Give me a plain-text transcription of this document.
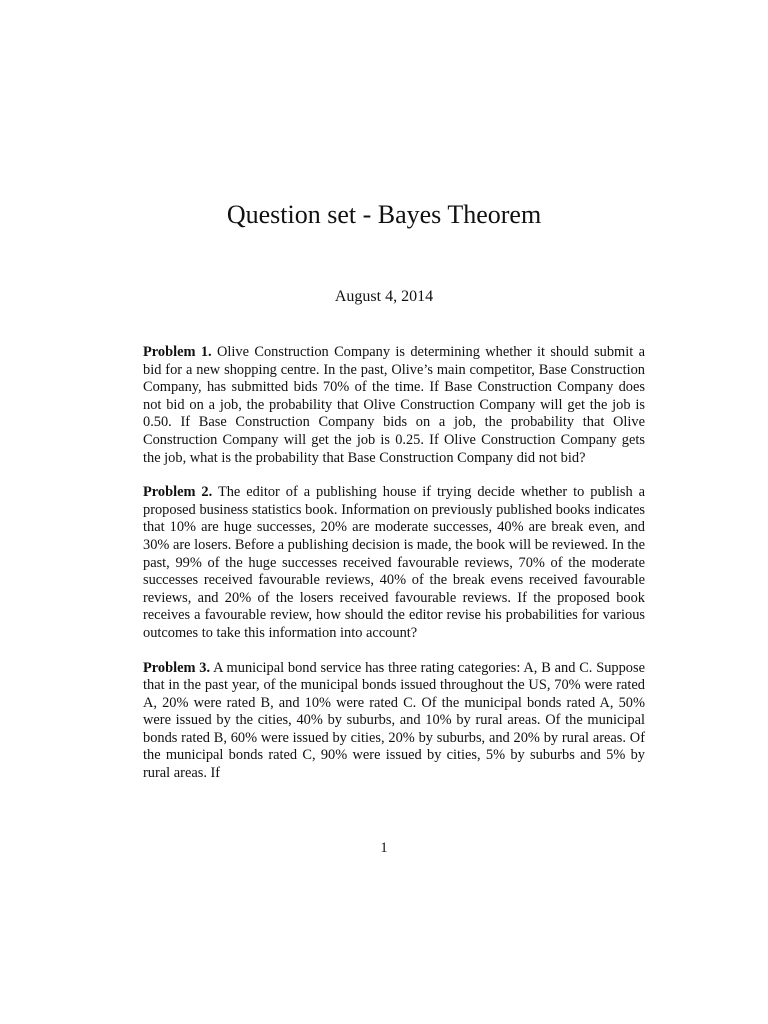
Question set - Bayes Theorem
August 4, 2014

Problem 1. Olive Construction Company is determining whether it should submit a bid for a new shopping centre. In the past, Olive’s main competitor, Base Construction Company, has submitted bids 70% of the time. If Base Construction Company does not bid on a job, the probability that Olive Construction Company will get the job is 0.50. If Base Construction Company bids on a job, the probability that Olive Construction Company will get the job is 0.25. If Olive Construction Company gets the job, what is the probability that Base Construction Company did not bid?

Problem 2. The editor of a publishing house if trying decide whether to publish a proposed business statistics book. Information on previously published books indicates that 10% are huge successes, 20% are moderate successes, 40% are break even, and 30% are losers. Before a publishing decision is made, the book will be reviewed. In the past, 99% of the huge successes received favourable reviews, 70% of the moderate successes received favourable reviews, 40% of the break evens received favourable reviews, and 20% of the losers received favourable reviews. If the proposed book receives a favourable review, how should the editor revise his probabilities for various outcomes to take this information into account?

Problem 3. A municipal bond service has three rating categories: A, B and C. Suppose that in the past year, of the municipal bonds issued throughout the US, 70% were rated A, 20% were rated B, and 10% were rated C. Of the municipal bonds rated A, 50% were issued by the cities, 40% by suburbs, and 10% by rural areas. Of the municipal bonds rated B, 60% were issued by cities, 20% by suburbs, and 20% by rural areas. Of the municipal bonds rated C, 90% were issued by cities, 5% by suburbs and 5% by rural areas. If

1
